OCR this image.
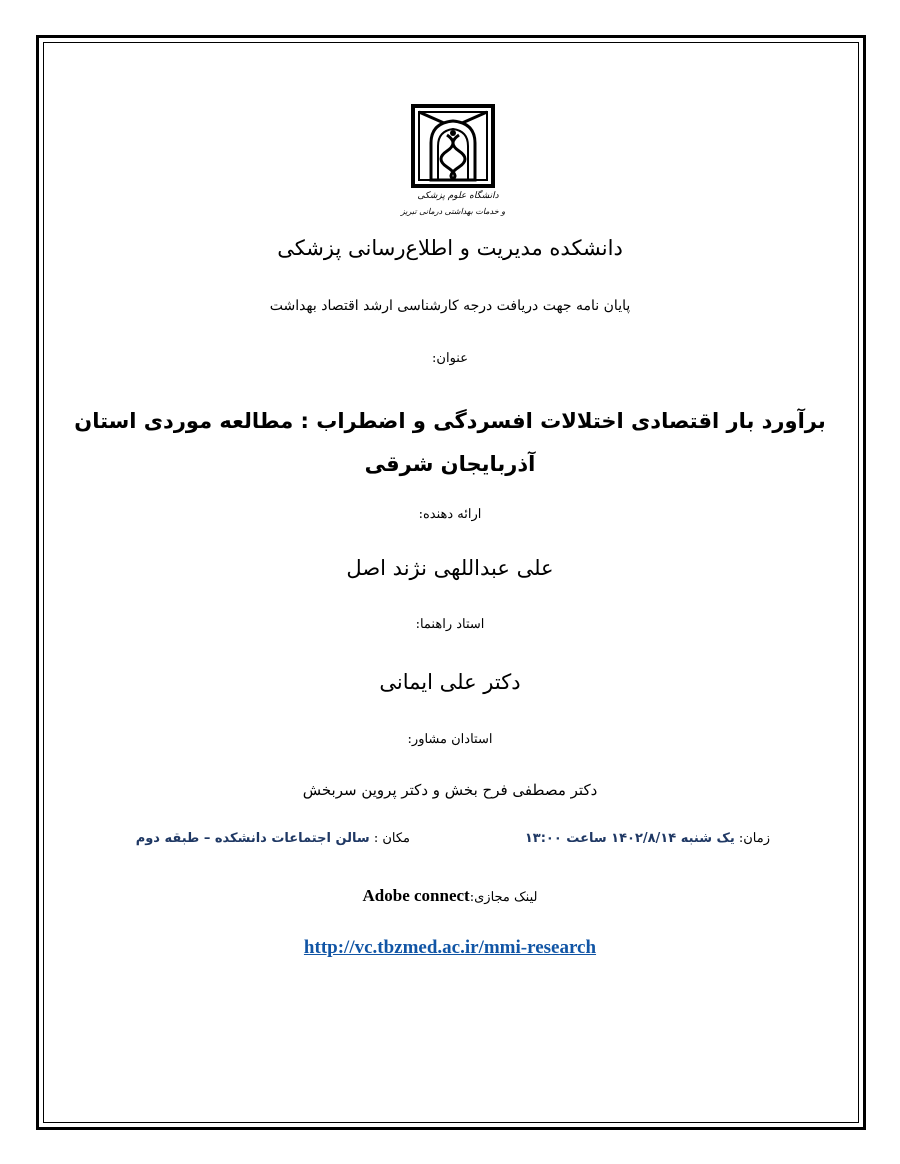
دانشگاه علوم پزشکی
و خدمات بهداشتی درمانی تبریز
دانشکده مدیریت و اطلاع‌رسانی پزشکی
پایان نامه جهت دریافت درجه کارشناسی ارشد اقتصاد بهداشت
عنوان:
برآورد بار اقتصادی اختلالات افسردگی و اضطراب : مطالعه موردی استان
آذربایجان شرقی
ارائه دهنده:
علی عبداللهی نژند اصل
استاد راهنما:
دکتر علی ایمانی
استادان مشاور:
دکتر مصطفی فرح بخش و دکتر پروین سربخش
زمان: یک شنبه ۱۴۰۲/۸/۱۴ ساعت ۱۳:۰۰
مکان : سالن اجتماعات دانشکده – طبقه دوم
Adobe connectلینک مجازی:
http://vc.tbzmed.ac.ir/mmi-research
